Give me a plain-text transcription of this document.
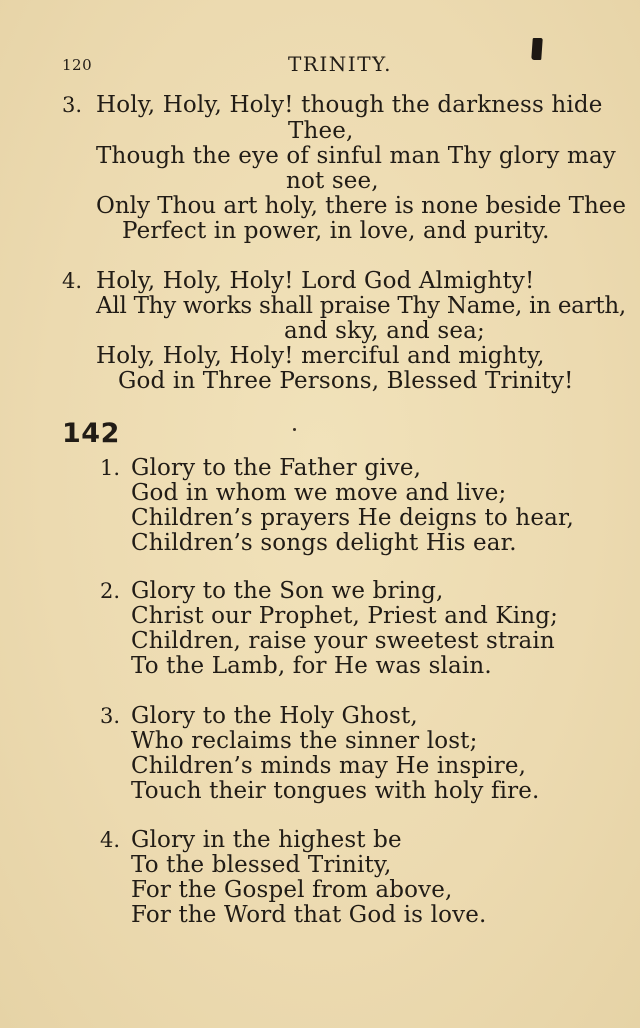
120	TRINITY.
3. Holy, Holy, Holy! though the darkness hide
Thee,
Though the eye of sinful man Thy glory may
not see,
Only Thou art holy, there is none beside Thee
Perfect in power, in love, and purity.
4. Holy, Holy, Holy! Lord God Almighty!
All Thy works shall praise Thy Name, in earth,
and sky, and sea;
Holy, Holy, Holy! merciful and mighty,
God in Three Persons, Blessed Trinity!
142
1. Glory to the Father give,
God in whom we move and live;
Children’s prayers He deigns to hear,
Children’s songs delight His ear.
2. Glory to the Son we bring,
Christ our Prophet, Priest and King;
Children, raise your sweetest strain
To the Lamb, for He was slain.
3. Glory to the Holy Ghost,
Who reclaims the sinner lost;
Children’s minds may He inspire,
Touch their tongues with holy fire.
4. Glory in the highest be
To the blessed Trinity,
For the Gospel from above,
For the Word that God is love.
